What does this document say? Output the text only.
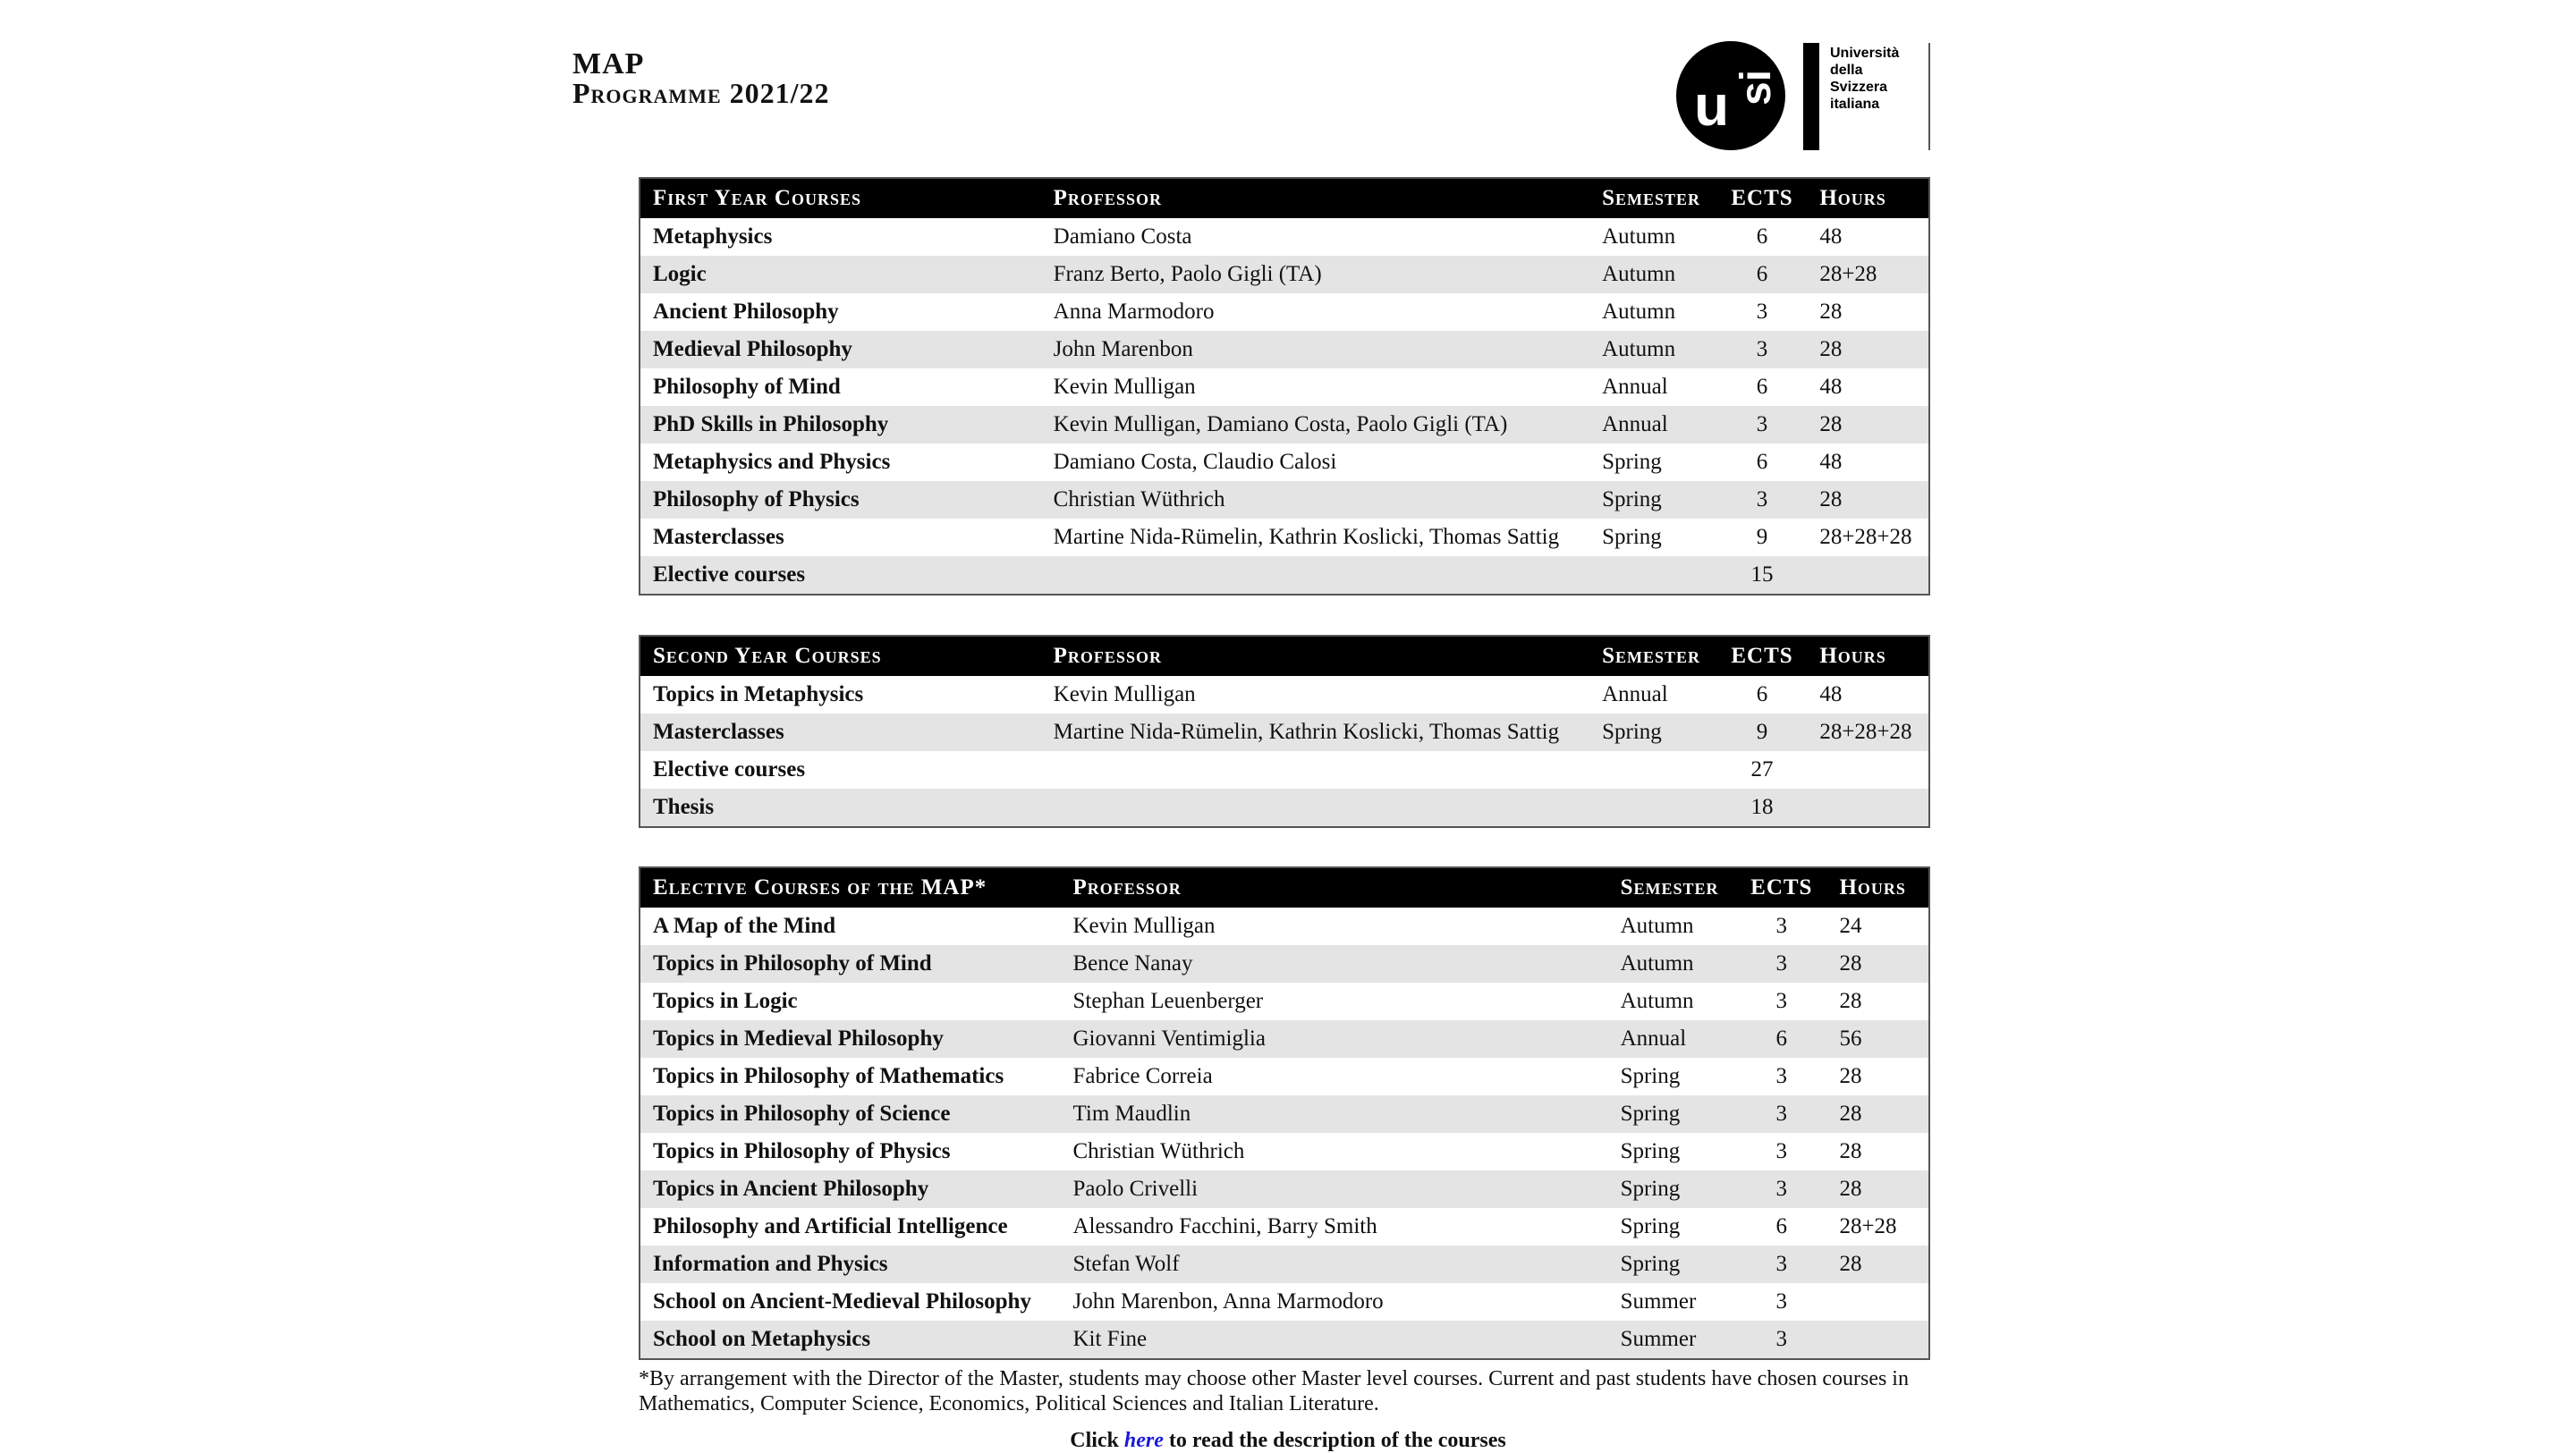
MAP
Programme 2021/22	u si
Università
della
Svizzera
italiana
First Year Courses	Professor	Semester	ECTS	Hours
Metaphysics	Damiano Costa	Autumn	6	48
Logic	Franz Berto, Paolo Gigli (TA)	Autumn	6	28+28
Ancient Philosophy	Anna Marmodoro	Autumn	3	28
Medieval Philosophy	John Marenbon	Autumn	3	28
Philosophy of Mind	Kevin Mulligan	Annual	6	48
PhD Skills in Philosophy	Kevin Mulligan, Damiano Costa, Paolo Gigli (TA)	Annual	3	28
Metaphysics and Physics	Damiano Costa, Claudio Calosi	Spring	6	48
Philosophy of Physics	Christian Wüthrich	Spring	3	28
Masterclasses	Martine Nida-Rümelin, Kathrin Koslicki, Thomas Sattig	Spring	9	28+28+28
Elective courses			15	
Second Year Courses	Professor	Semester	ECTS	Hours
Topics in Metaphysics	Kevin Mulligan	Annual	6	48
Masterclasses	Martine Nida-Rümelin, Kathrin Koslicki, Thomas Sattig	Spring	9	28+28+28
Elective courses			27	
Thesis			18	
Elective Courses of the MAP*	Professor	Semester	ECTS	Hours
A Map of the Mind	Kevin Mulligan	Autumn	3	24
Topics in Philosophy of Mind	Bence Nanay	Autumn	3	28
Topics in Logic	Stephan Leuenberger	Autumn	3	28
Topics in Medieval Philosophy	Giovanni Ventimiglia	Annual	6	56
Topics in Philosophy of Mathematics	Fabrice Correia	Spring	3	28
Topics in Philosophy of Science	Tim Maudlin	Spring	3	28
Topics in Philosophy of Physics	Christian Wüthrich	Spring	3	28
Topics in Ancient Philosophy	Paolo Crivelli	Spring	3	28
Philosophy and Artificial Intelligence	Alessandro Facchini, Barry Smith	Spring	6	28+28
Information and Physics	Stefan Wolf	Spring	3	28
School on Ancient-Medieval Philosophy	John Marenbon, Anna Marmodoro	Summer	3	
School on Metaphysics	Kit Fine	Summer	3	
*By arrangement with the Director of the Master, students may choose other Master level courses. Current and past students have chosen courses in Mathematics, Computer Science, Economics, Political Sciences and Italian Literature.
Click here to read the description of the courses
